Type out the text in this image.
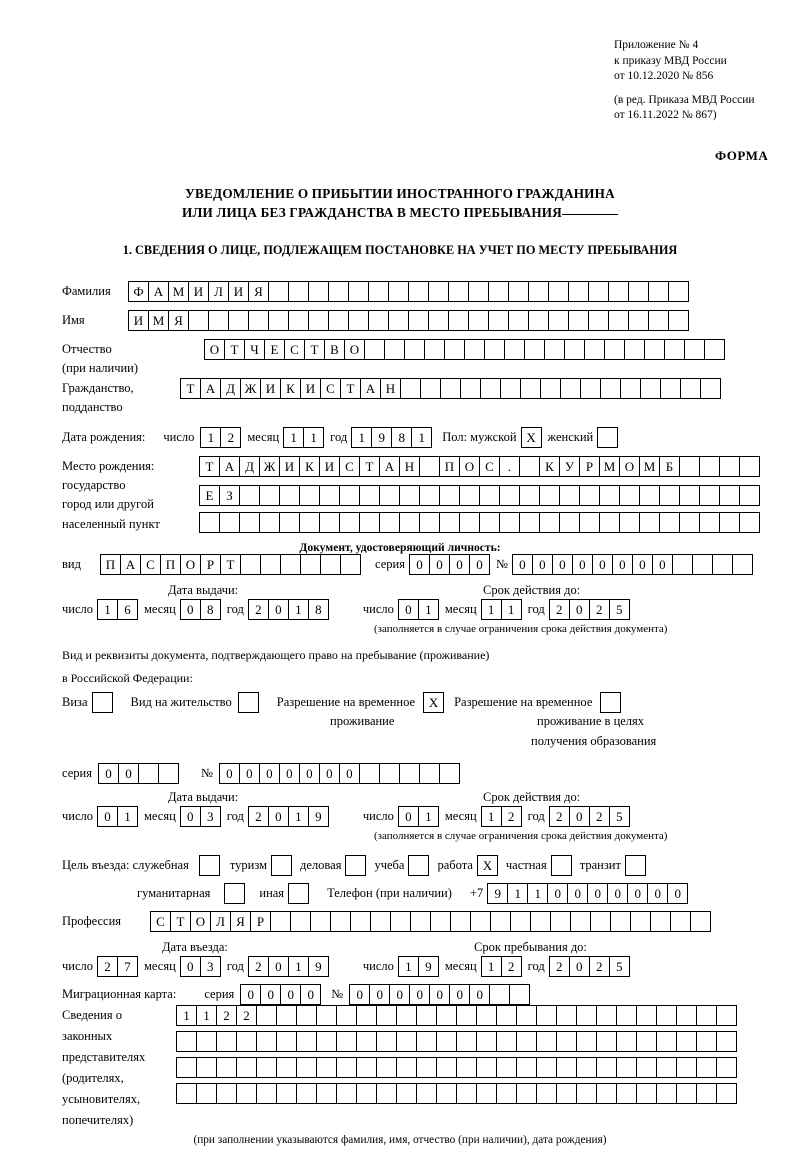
Приложение № 4
к приказу МВД России
от 10.12.2020 № 856
(в ред. Приказа МВД России
от 16.11.2022 № 867)
ФОРМА
УВЕДОМЛЕНИЕ О ПРИБЫТИИ ИНОСТРАННОГО ГРАЖДАНИНА
ИЛИ ЛИЦА БЕЗ ГРАЖДАНСТВА В МЕСТО ПРЕБЫВАНИЯ
1. СВЕДЕНИЯ О ЛИЦЕ, ПОДЛЕЖАЩЕМ ПОСТАНОВКЕ НА УЧЕТ ПО МЕСТУ ПРЕБЫВАНИЯ
Фамилия	Ф А М И Л И Я
Имя	И М Я
Отчество	О Т Ч Е С Т В О
(при наличии)
Гражданство,	Т А Д Ж И К И С Т А Н
подданство
Дата рождения: число	1	2	месяц 1	1	год 1	9	8	1	Пол: мужской X женский
Место рождения:	Т А Д Ж И К И С Т А Н	П О С	.	К У Р М О М Б
государство
Е З
город или другой
населенный пункт
Документ, удостоверяющий личность:
вид	П А С П О Р Т	серия 0	0	0	0	№ 0	0	0	0	0	0	0	0
Дата выдачи:	Срок действия до:
число 1	6	месяц 0	8	год 2	0	1	8	число 0	1	месяц 1	1	год 2	0	2	5
(заполняется в случае ограничения срока действия документа)
Вид и реквизиты документа, подтверждающего право на пребывание (проживание)
в Российской Федерации:
Виза	Вид на жительство	Разрешение на временное	X	Разрешение на временное
проживание	проживание в целях
получения образования
серия	0	0	№	0	0	0	0	0	0	0
Дата выдачи:	Срок действия до:
число 0	1	месяц 0	3	год 2	0	1	9	число 0	1	месяц 1	2	год 2	0	2	5
(заполняется в случае ограничения срока действия документа)
Цель въезда: служебная	туризм	деловая	учеба	работа X	частная	транзит
гуманитарная	иная	Телефон (при наличии) +7 9	1	1	0	0	0	0	0	0	0
Профессия	С Т О Л Я Р
Дата въезда:	Срок пребывания до:
число 2	7	месяц 0	3	год 2	0	1	9	число 1	9	месяц 1	2	год 2	0	2	5
Миграционная карта: серия	0	0	0	0	№	0	0	0	0	0	0	0
Сведения о
законных
представителях
(родителях,
усыновителях,
попечителях)
1	1	2	2
(при заполнении указываются фамилия, имя, отчество (при наличии), дата рождения)
